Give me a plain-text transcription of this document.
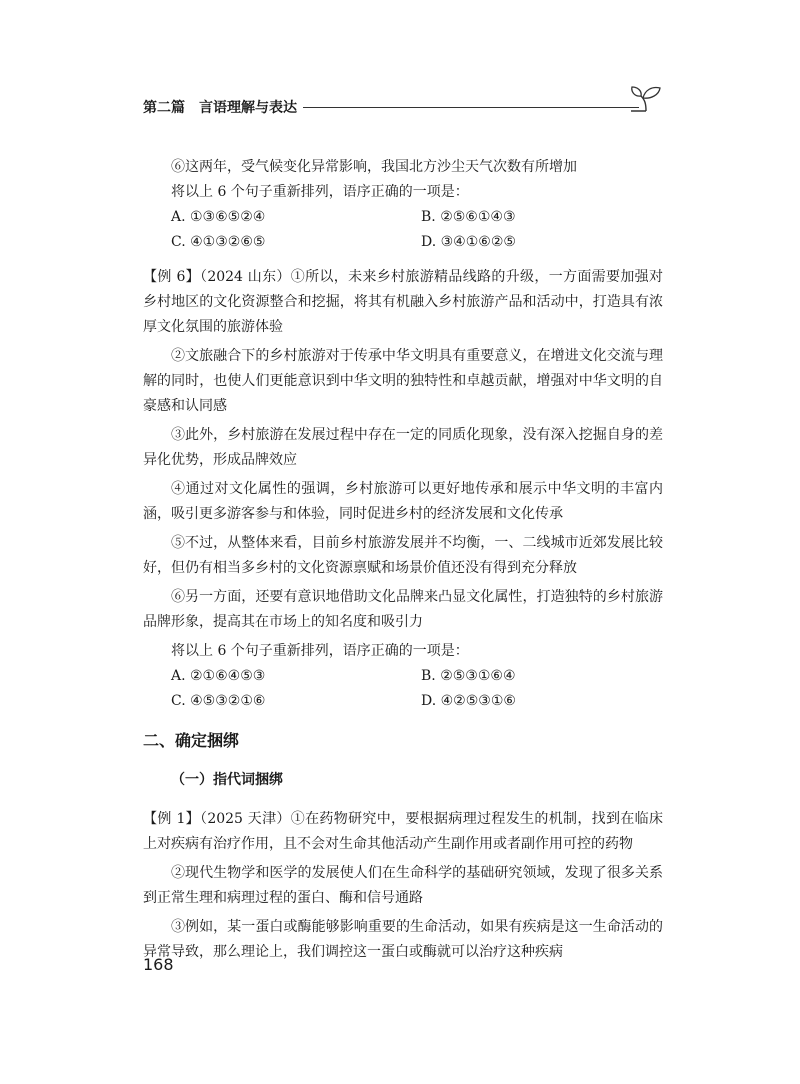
第二篇 言语理解与表达

⑥这两年，受气候变化异常影响，我国北方沙尘天气次数有所增加

将以上 6 个句子重新排列，语序正确的一项是：

A. ①③⑥⑤②④	B. ②⑤⑥①④③
C. ④①③②⑥⑤	D. ③④①⑥②⑤

【例 6】（2024 山东）①所以，未来乡村旅游精品线路的升级，一方面需要加强对乡村地区的文化资源整合和挖掘，将其有机融入乡村旅游产品和活动中，打造具有浓厚文化氛围的旅游体验

②文旅融合下的乡村旅游对于传承中华文明具有重要意义，在增进文化交流与理解的同时，也使人们更能意识到中华文明的独特性和卓越贡献，增强对中华文明的自豪感和认同感

③此外，乡村旅游在发展过程中存在一定的同质化现象，没有深入挖掘自身的差异化优势，形成品牌效应

④通过对文化属性的强调，乡村旅游可以更好地传承和展示中华文明的丰富内涵，吸引更多游客参与和体验，同时促进乡村的经济发展和文化传承

⑤不过，从整体来看，目前乡村旅游发展并不均衡，一、二线城市近郊发展比较好，但仍有相当多乡村的文化资源禀赋和场景价值还没有得到充分释放

⑥另一方面，还要有意识地借助文化品牌来凸显文化属性，打造独特的乡村旅游品牌形象，提高其在市场上的知名度和吸引力

将以上 6 个句子重新排列，语序正确的一项是：

A. ②①⑥④⑤③	B. ②⑤③①⑥④
C. ④⑤③②①⑥	D. ④②⑤③①⑥

二、确定捆绑

（一）指代词捆绑

【例 1】（2025 天津）①在药物研究中，要根据病理过程发生的机制，找到在临床上对疾病有治疗作用，且不会对生命其他活动产生副作用或者副作用可控的药物

②现代生物学和医学的发展使人们在生命科学的基础研究领域，发现了很多关系到正常生理和病理过程的蛋白、酶和信号通路

③例如，某一蛋白或酶能够影响重要的生命活动，如果有疾病是这一生命活动的异常导致，那么理论上，我们调控这一蛋白或酶就可以治疗这种疾病

168
